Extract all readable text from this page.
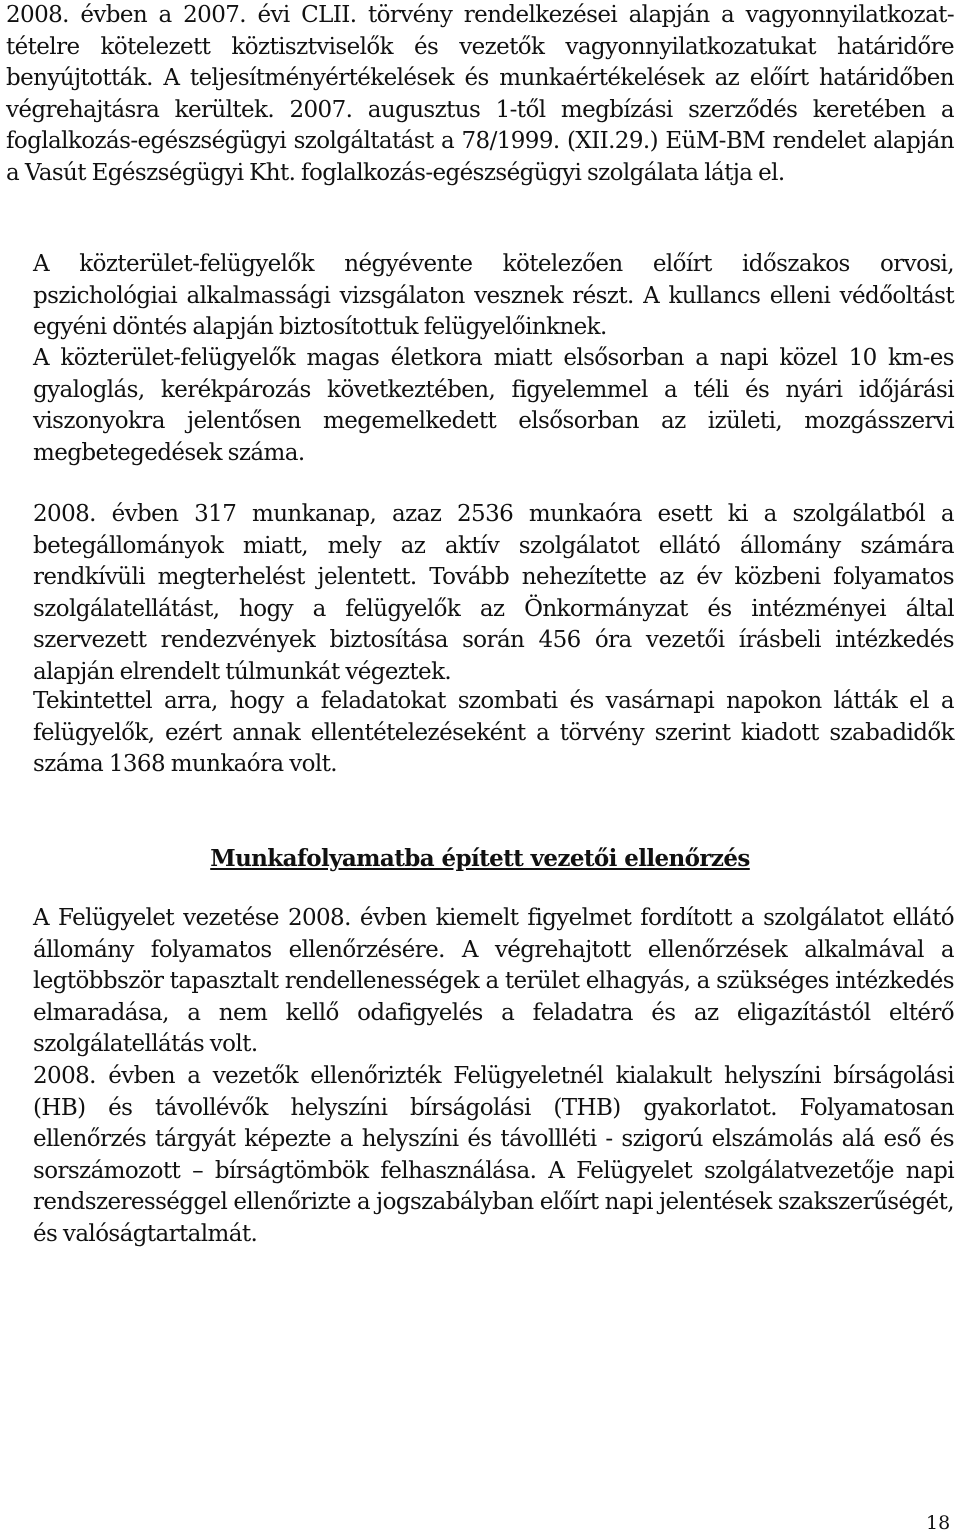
2008. évben a 2007. évi CLII. törvény rendelkezései alapján a vagyonnyilatkozat-tételre kötelezett köztisztviselők és vezetők vagyonnyilatkozatukat határidőre benyújtották. A teljesítményértékelések és munkaértékelések az előírt határidőben végrehajtásra kerültek. 2007. augusztus 1-től megbízási szerződés keretében a foglalkozás-egészségügyi szolgáltatást a 78/1999. (XII.29.) EüM-BM rendelet alapján a Vasút Egészségügyi Kht. foglalkozás-egészségügyi szolgálata látja el.

A közterület-felügyelők négyévente kötelezően előírt időszakos orvosi, pszichológiai alkalmassági vizsgálaton vesznek részt. A kullancs elleni védőoltást egyéni döntés alapján biztosítottuk felügyelőinknek.

A közterület-felügyelők magas életkora miatt elsősorban a napi közel 10 km-es gyaloglás, kerékpározás következtében, figyelemmel a téli és nyári időjárási viszonyokra jelentősen megemelkedett elsősorban az izületi, mozgásszervi megbetegedések száma.

2008. évben 317 munkanap, azaz 2536 munkaóra esett ki a szolgálatból a betegállományok miatt, mely az aktív szolgálatot ellátó állomány számára rendkívüli megterhelést jelentett. Tovább nehezítette az év közbeni folyamatos szolgálatellátást, hogy a felügyelők az Önkormányzat és intézményei által szervezett rendezvények biztosítása során 456 óra vezetői írásbeli intézkedés alapján elrendelt túlmunkát végeztek.

Tekintettel arra, hogy a feladatokat szombati és vasárnapi napokon látták el a felügyelők, ezért annak ellentételezéseként a törvény szerint kiadott szabadidők száma 1368 munkaóra volt.

Munkafolyamatba épített vezetői ellenőrzés

A Felügyelet vezetése 2008. évben kiemelt figyelmet fordított a szolgálatot ellátó állomány folyamatos ellenőrzésére. A végrehajtott ellenőrzések alkalmával a legtöbbször tapasztalt rendellenességek a terület elhagyás, a szükséges intézkedés elmaradása, a nem kellő odafigyelés a feladatra és az eligazítástól eltérő szolgálatellátás volt.

2008. évben a vezetők ellenőrizték Felügyeletnél kialakult helyszíni bírságolási (HB) és távollévők helyszíni bírságolási (THB) gyakorlatot. Folyamatosan ellenőrzés tárgyát képezte a helyszíni és távollléti - szigorú elszámolás alá eső és sorszámozott – bírságtömbök felhasználása. A Felügyelet szolgálatvezetője napi rendszerességgel ellenőrizte a jogszabályban előírt napi jelentések szakszerűségét, és valóságtartalmát.

18
